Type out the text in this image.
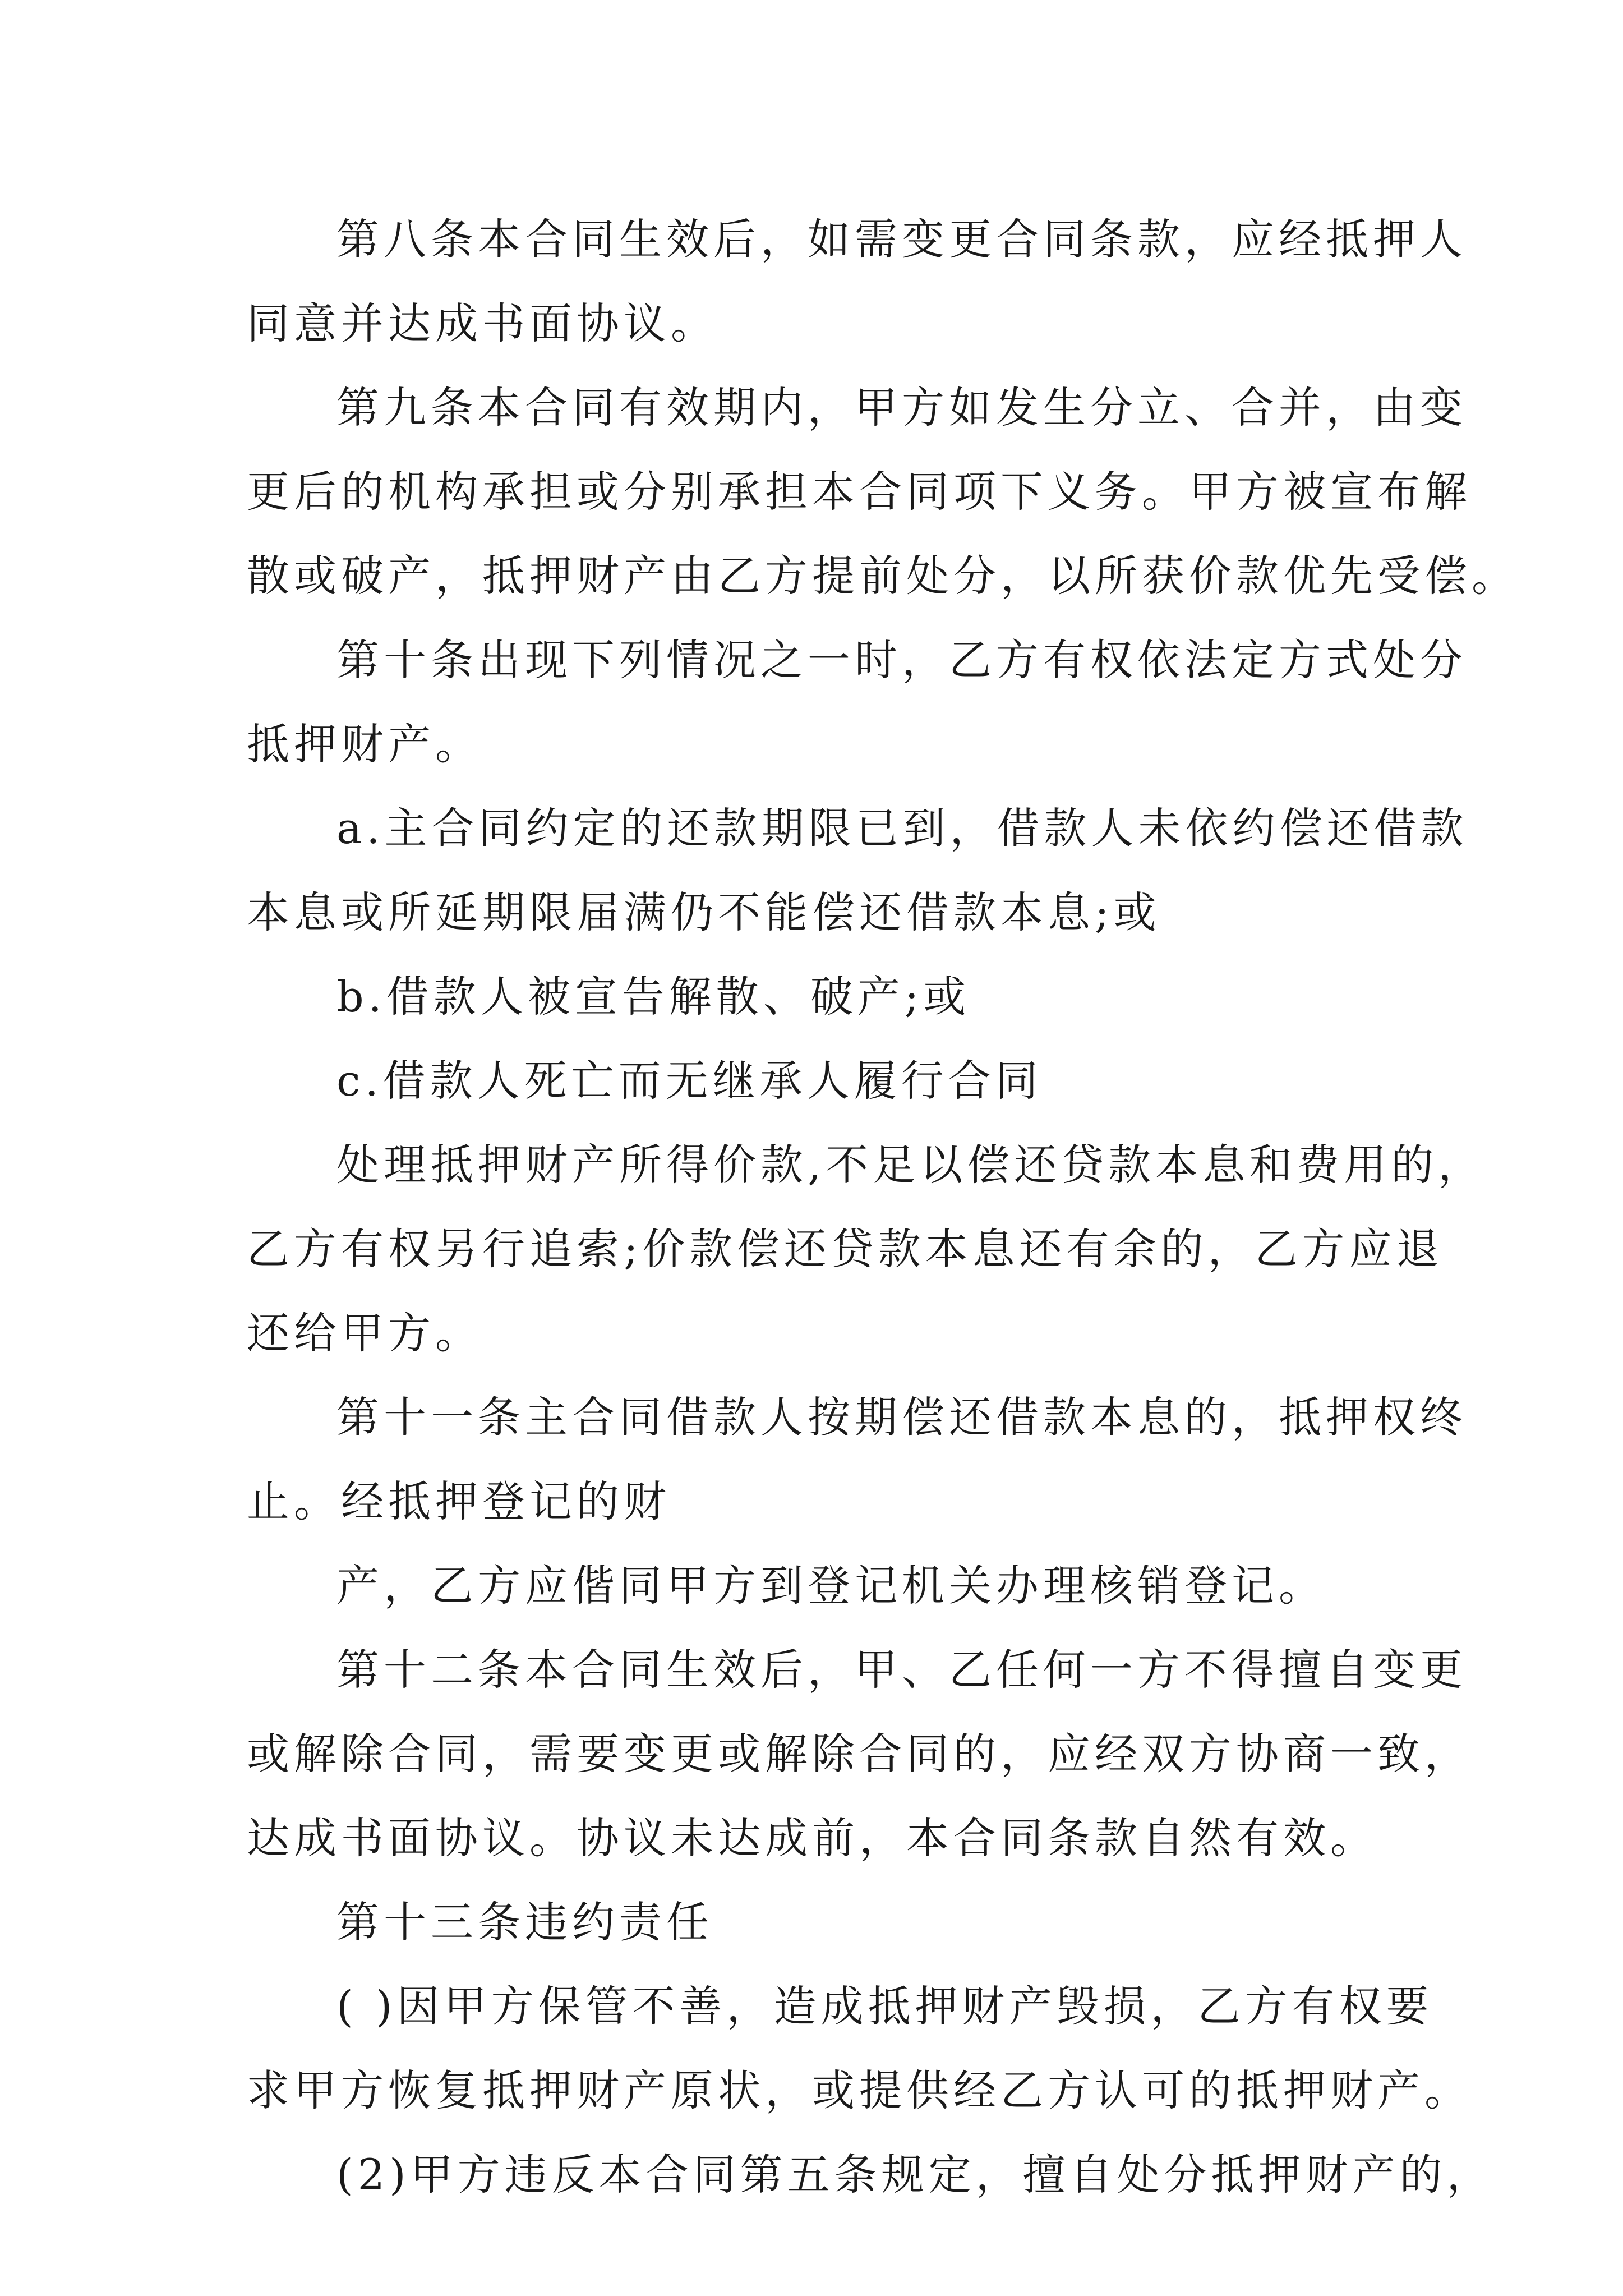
第八条本合同生效后，如需变更合同条款，应经抵押人
同意并达成书面协议。
第九条本合同有效期内，甲方如发生分立、合并，由变
更后的机构承担或分别承担本合同项下义务。甲方被宣布解
散或破产，抵押财产由乙方提前处分，以所获价款优先受偿。
第十条出现下列情况之一时，乙方有权依法定方式处分
抵押财产。
a.主合同约定的还款期限已到，借款人未依约偿还借款
本息或所延期限届满仍不能偿还借款本息;或
b.借款人被宣告解散、破产;或
c.借款人死亡而无继承人履行合同
处理抵押财产所得价款,不足以偿还贷款本息和费用的，
乙方有权另行追索;价款偿还贷款本息还有余的，乙方应退
还给甲方。
第十一条主合同借款人按期偿还借款本息的，抵押权终
止。经抵押登记的财
产，乙方应偕同甲方到登记机关办理核销登记。
第十二条本合同生效后，甲、乙任何一方不得擅自变更
或解除合同，需要变更或解除合同的，应经双方协商一致，
达成书面协议。协议未达成前，本合同条款自然有效。
第十三条违约责任
( )因甲方保管不善，造成抵押财产毁损，乙方有权要
求甲方恢复抵押财产原状，或提供经乙方认可的抵押财产。
(2)甲方违反本合同第五条规定，擅自处分抵押财产的，
